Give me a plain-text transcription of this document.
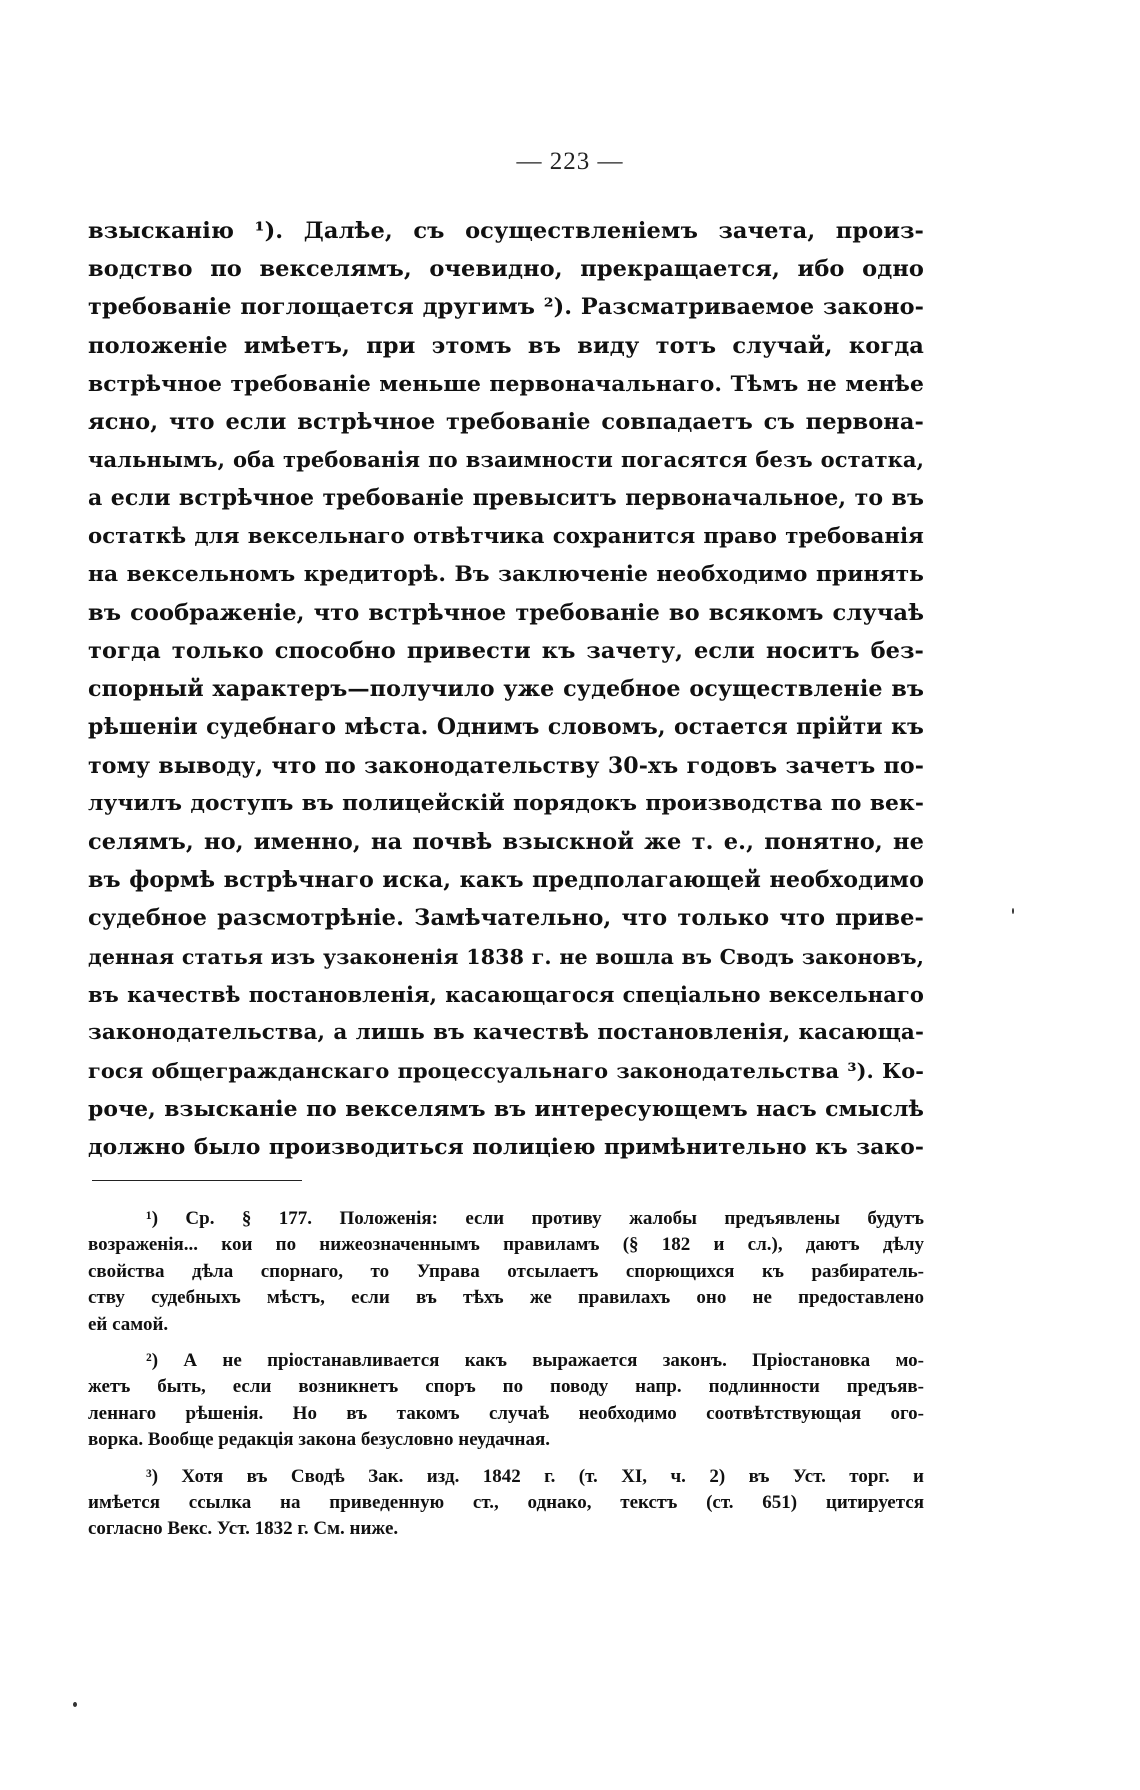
— 223 —
взысканію ¹). Далѣе, съ осуществленіемъ зачета, произ-
водство по векселямъ, очевидно, прекращается, ибо одно
требованіе поглощается другимъ ²). Разсматриваемое законо-
положеніе имѣетъ, при этомъ въ виду тотъ случай, когда
встрѣчное требованіе меньше первоначальнаго. Тѣмъ не менѣе
ясно, что если встрѣчное требованіе совпадаетъ съ первона-
чальнымъ, оба требованія по взаимности погасятся безъ остатка,
а если встрѣчное требованіе превыситъ первоначальное, то въ
остаткѣ для вексельнаго отвѣтчика сохранится право требованія
на вексельномъ кредиторѣ. Въ заключеніе необходимо принять
въ соображеніе, что встрѣчное требованіе во всякомъ случаѣ
тогда только способно привести къ зачету, если носитъ без-
спорный характеръ—получило уже судебное осуществленіе въ
рѣшеніи судебнаго мѣста. Однимъ словомъ, остается прійти къ
тому выводу, что по законодательству 30-хъ годовъ зачетъ по-
лучилъ доступъ въ полицейскій порядокъ производства по век-
селямъ, но, именно, на почвѣ взыскной же т. е., понятно, не
въ формѣ встрѣчнаго иска, какъ предполагающей необходимо
судебное разсмотрѣніе. Замѣчательно, что только что приве-
денная статья изъ узаконенія 1838 г. не вошла въ Сводъ законовъ,
въ качествѣ постановленія, касающагося спеціально вексельнаго
законодательства, а лишь въ качествѣ постановленія, касающа-
гося общегражданскаго процессуальнаго законодательства ³). Ко-
роче, взысканіе по векселямъ въ интересующемъ насъ смыслѣ
должно было производиться полиціею примѣнительно къ зако-
¹) Ср. § 177. Положенія: если противу жалобы предъявлены будутъ
возраженія... кои по нижеозначеннымъ правиламъ (§ 182 и сл.), даютъ дѣлу
свойства дѣла спорнаго, то Управа отсылаетъ спорющихся къ разбиратель-
ству судебныхъ мѣстъ, если въ тѣхъ же правилахъ оно не предоставлено
ей самой.
²) А не пріостанавливается какъ выражается законъ. Пріостановка мо-
жетъ быть, если возникнетъ споръ по поводу напр. подлинности предъяв-
леннаго рѣшенія. Но въ такомъ случаѣ необходимо соотвѣтствующая ого-
ворка. Вообще редакція закона безусловно неудачная.
³) Хотя въ Сводѣ Зак. изд. 1842 г. (т. XI, ч. 2) въ Уст. торг. и
имѣется ссылка на приведенную ст., однако, текстъ (ст. 651) цитируется
согласно Векс. Уст. 1832 г. См. ниже.
